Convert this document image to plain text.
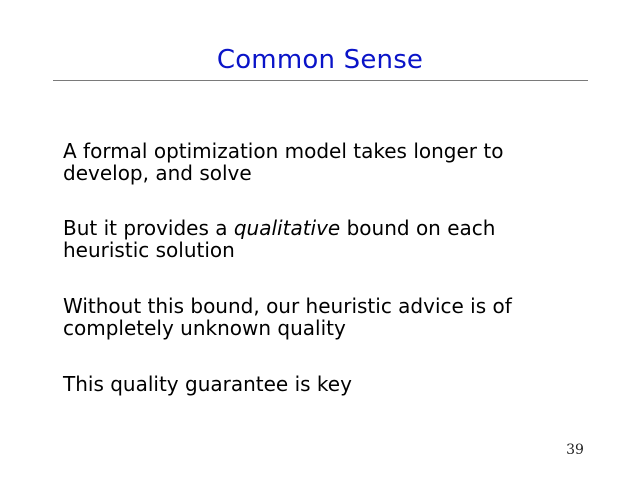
Common Sense
A formal optimization model takes longer to
develop, and solve
But it provides a qualitative bound on each
heuristic solution
Without this bound, our heuristic advice is of
completely unknown quality
This quality guarantee is key
39
